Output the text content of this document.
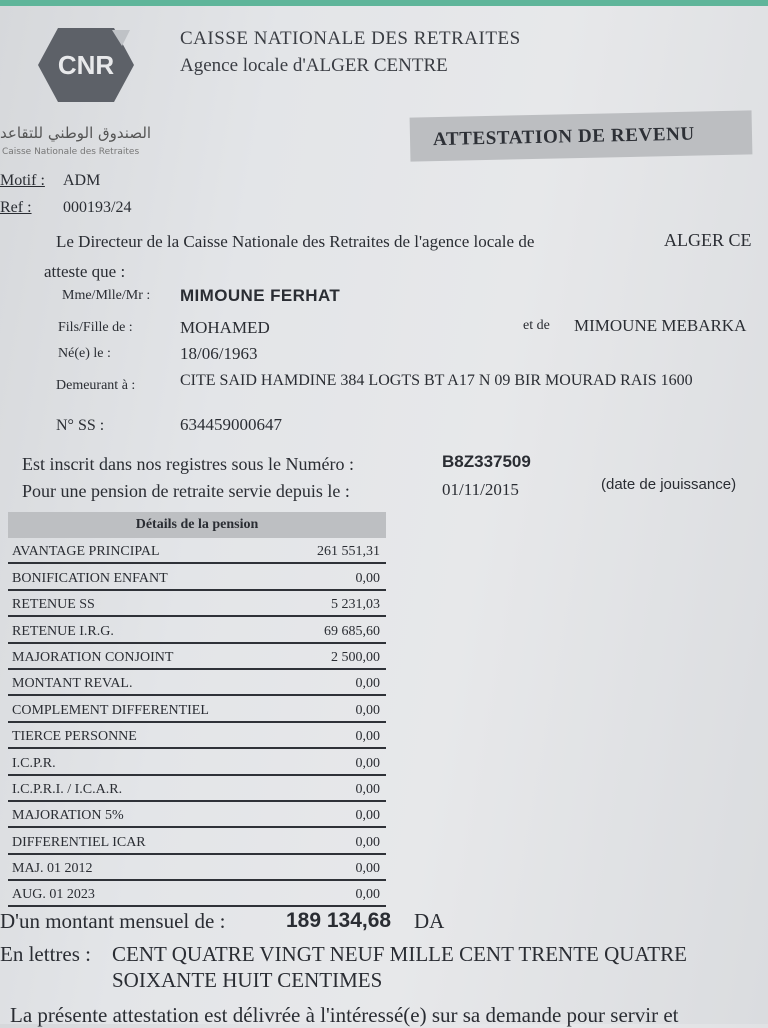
CNR
CAISSE NATIONALE DES RETRAITES
Agence locale d'ALGER CENTRE
الصندوق الوطني للتقاعد
Caisse Nationale des Retraites
ATTESTATION DE REVENU
Motif : ADM
Ref : 000193/24
Le Directeur de la Caisse Nationale des Retraites de l'agence locale de	ALGER CE
atteste que :
Mme/Mlle/Mr : MIMOUNE FERHAT
Fils/Fille de :	MOHAMED	et de MIMOUNE MEBARKA
Né(e) le :	18/06/1963
Demeurant à :	CITE SAID HAMDINE 384 LOGTS BT A17 N 09 BIR MOURAD RAIS 1600
N° SS :	634459000647
Est inscrit dans nos registres sous le Numéro :	B8Z337509
Pour une pension de retraite servie depuis le :	01/11/2015	(date de jouissance)
Détails de la pension
AVANTAGE PRINCIPAL	261 551,31
BONIFICATION ENFANT	0,00
RETENUE SS	5 231,03
RETENUE I.R.G.	69 685,60
MAJORATION CONJOINT	2 500,00
MONTANT REVAL.	0,00
COMPLEMENT DIFFERENTIEL	0,00
TIERCE PERSONNE	0,00
I.C.P.R.	0,00
I.C.P.R.I. / I.C.A.R.	0,00
MAJORATION 5%	0,00
DIFFERENTIEL ICAR	0,00
MAJ. 01 2012	0,00
AUG. 01 2023	0,00
D'un montant mensuel de :	189 134,68 DA
En lettres : CENT QUATRE VINGT NEUF MILLE CENT TRENTE QUATRE
SOIXANTE HUIT CENTIMES
La présente attestation est délivrée à l'intéressé(e) sur sa demande pour servir et
